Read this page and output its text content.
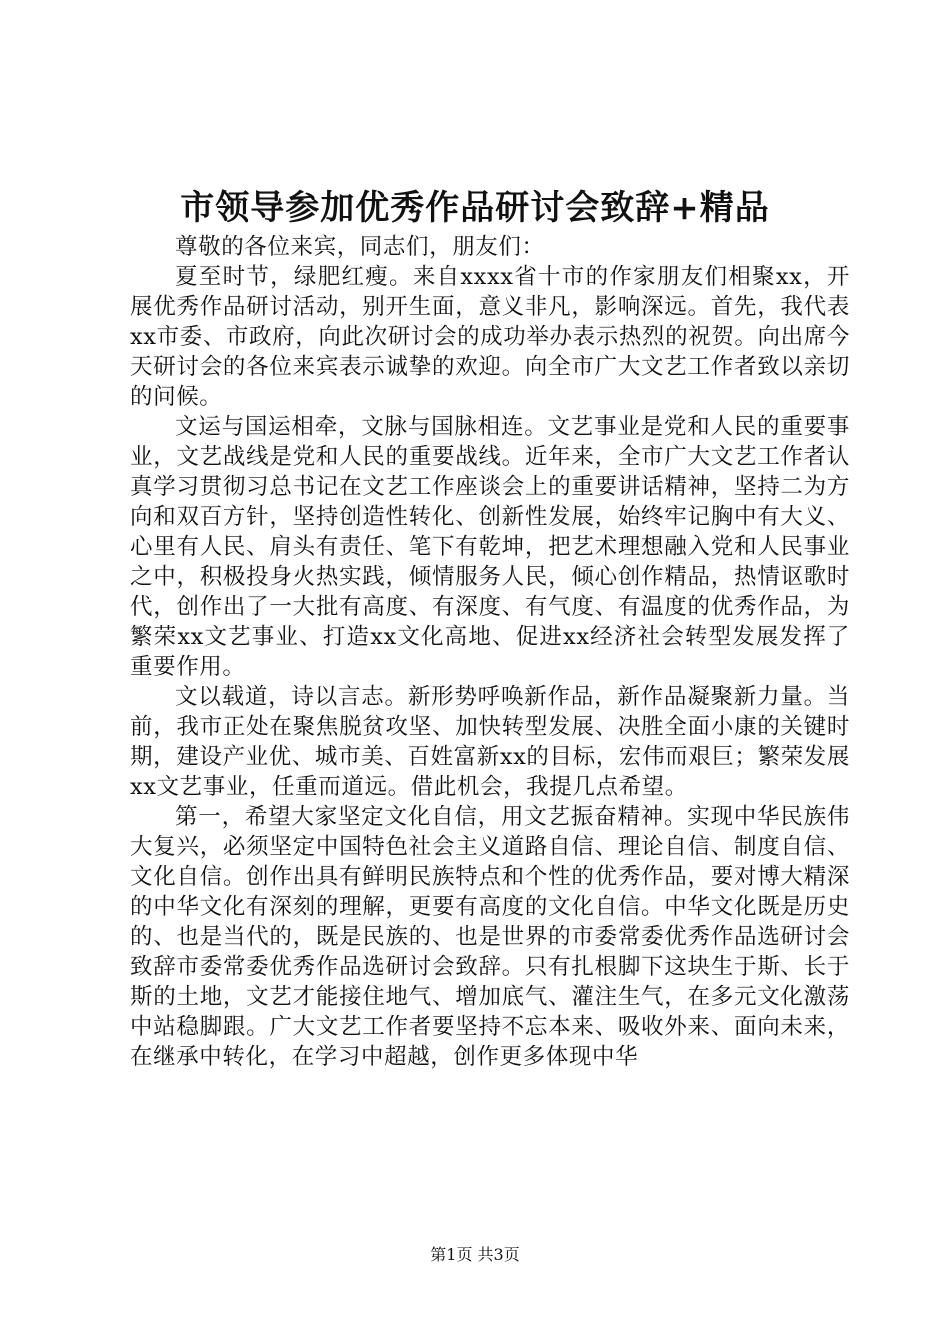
市领导参加优秀作品研讨会致辞+精品

尊敬的各位来宾，同志们，朋友们：

夏至时节，绿肥红瘦。来自xxxx省十市的作家朋友们相聚xx，开展优秀作品研讨活动，别开生面，意义非凡，影响深远。首先，我代表xx市委、市政府，向此次研讨会的成功举办表示热烈的祝贺。向出席今天研讨会的各位来宾表示诚挚的欢迎。向全市广大文艺工作者致以亲切的问候。

文运与国运相牵，文脉与国脉相连。文艺事业是党和人民的重要事业，文艺战线是党和人民的重要战线。近年来，全市广大文艺工作者认真学习贯彻习总书记在文艺工作座谈会上的重要讲话精神，坚持二为方向和双百方针，坚持创造性转化、创新性发展，始终牢记胸中有大义、心里有人民、肩头有责任、笔下有乾坤，把艺术理想融入党和人民事业之中，积极投身火热实践，倾情服务人民，倾心创作精品，热情讴歌时代，创作出了一大批有高度、有深度、有气度、有温度的优秀作品，为繁荣xx文艺事业、打造xx文化高地、促进xx经济社会转型发展发挥了重要作用。

文以载道，诗以言志。新形势呼唤新作品，新作品凝聚新力量。当前，我市正处在聚焦脱贫攻坚、加快转型发展、决胜全面小康的关键时期，建设产业优、城市美、百姓富新xx的目标，宏伟而艰巨；繁荣发展xx文艺事业，任重而道远。借此机会，我提几点希望。

第一，希望大家坚定文化自信，用文艺振奋精神。实现中华民族伟大复兴，必须坚定中国特色社会主义道路自信、理论自信、制度自信、文化自信。创作出具有鲜明民族特点和个性的优秀作品，要对博大精深的中华文化有深刻的理解，更要有高度的文化自信。中华文化既是历史的、也是当代的，既是民族的、也是世界的市委常委优秀作品选研讨会致辞市委常委优秀作品选研讨会致辞。只有扎根脚下这块生于斯、长于斯的土地，文艺才能接住地气、增加底气、灌注生气，在多元文化激荡中站稳脚跟。广大文艺工作者要坚持不忘本来、吸收外来、面向未来，在继承中转化，在学习中超越，创作更多体现中华

第1页 共3页
